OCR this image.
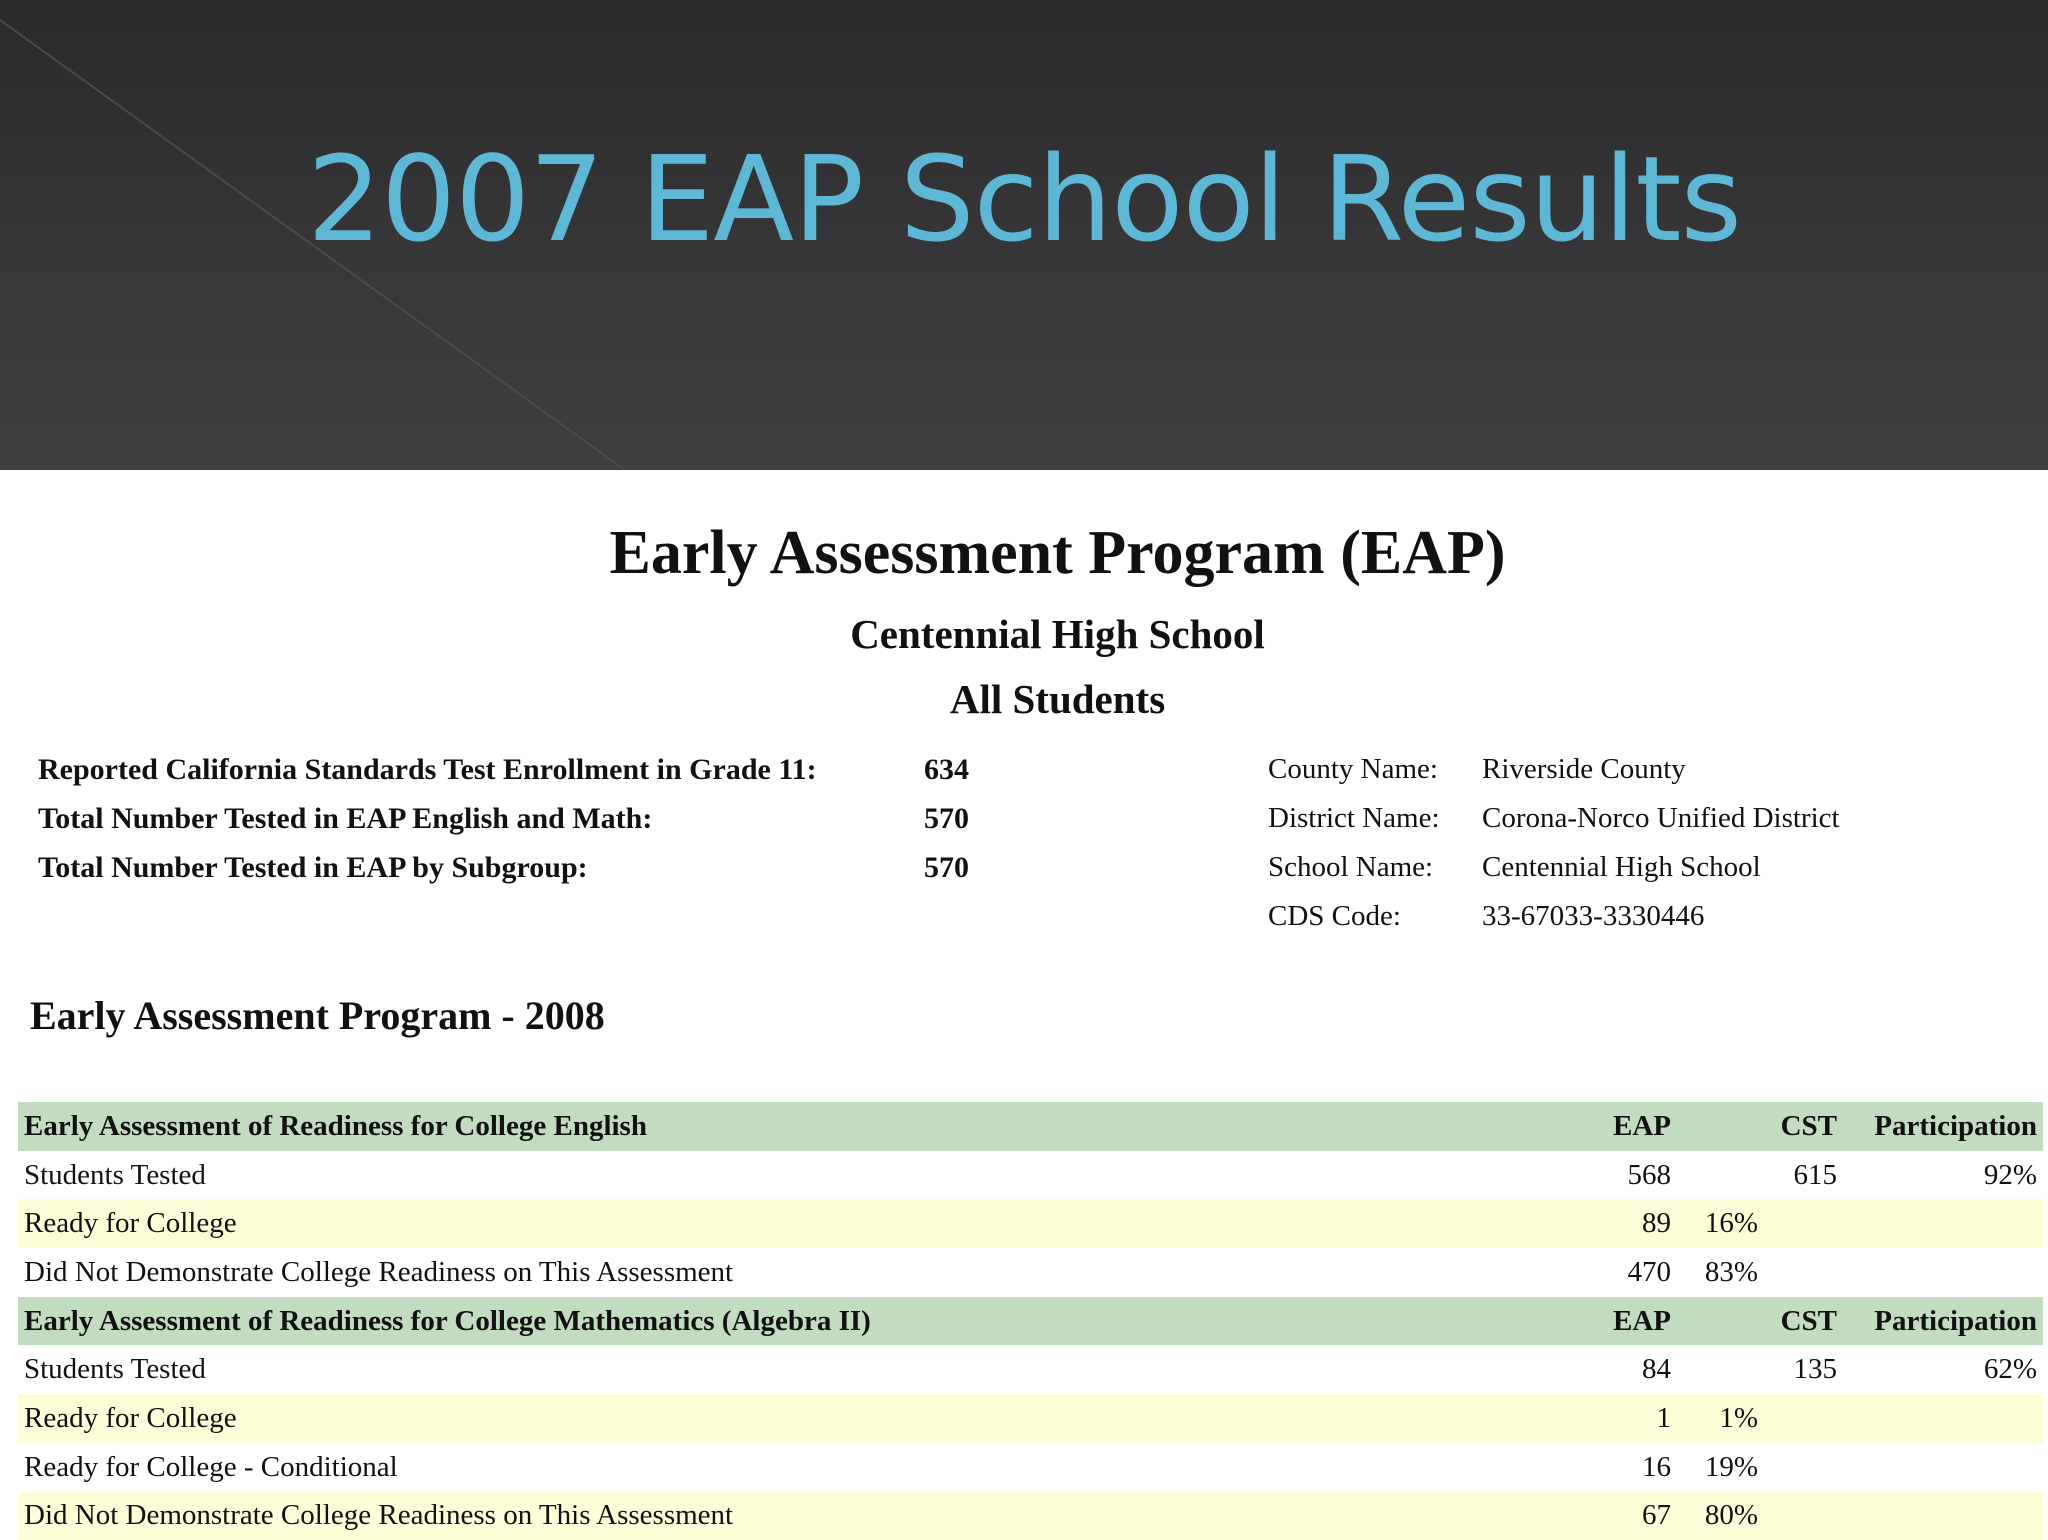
2007 EAP School Results
Early Assessment Program (EAP)
Centennial High School
All Students
Reported California Standards Test Enrollment in Grade 11:	634
Total Number Tested in EAP English and Math:	570
Total Number Tested in EAP by Subgroup:	570
County Name:	Riverside County
District Name:	Corona-Norco Unified District
School Name:	Centennial High School
CDS Code:	33-67033-3330446
Early Assessment Program - 2008
Early Assessment of Readiness for College English	EAP	CST Participation
Students Tested	568	615	92%
Ready for College	89 16%
Did Not Demonstrate College Readiness on This Assessment	470 83%
Early Assessment of Readiness for College Mathematics (Algebra II)	EAP	CST Participation
Students Tested	84	135	62%
Ready for College	1 1%
Ready for College - Conditional	16 19%
Did Not Demonstrate College Readiness on This Assessment	67 80%
